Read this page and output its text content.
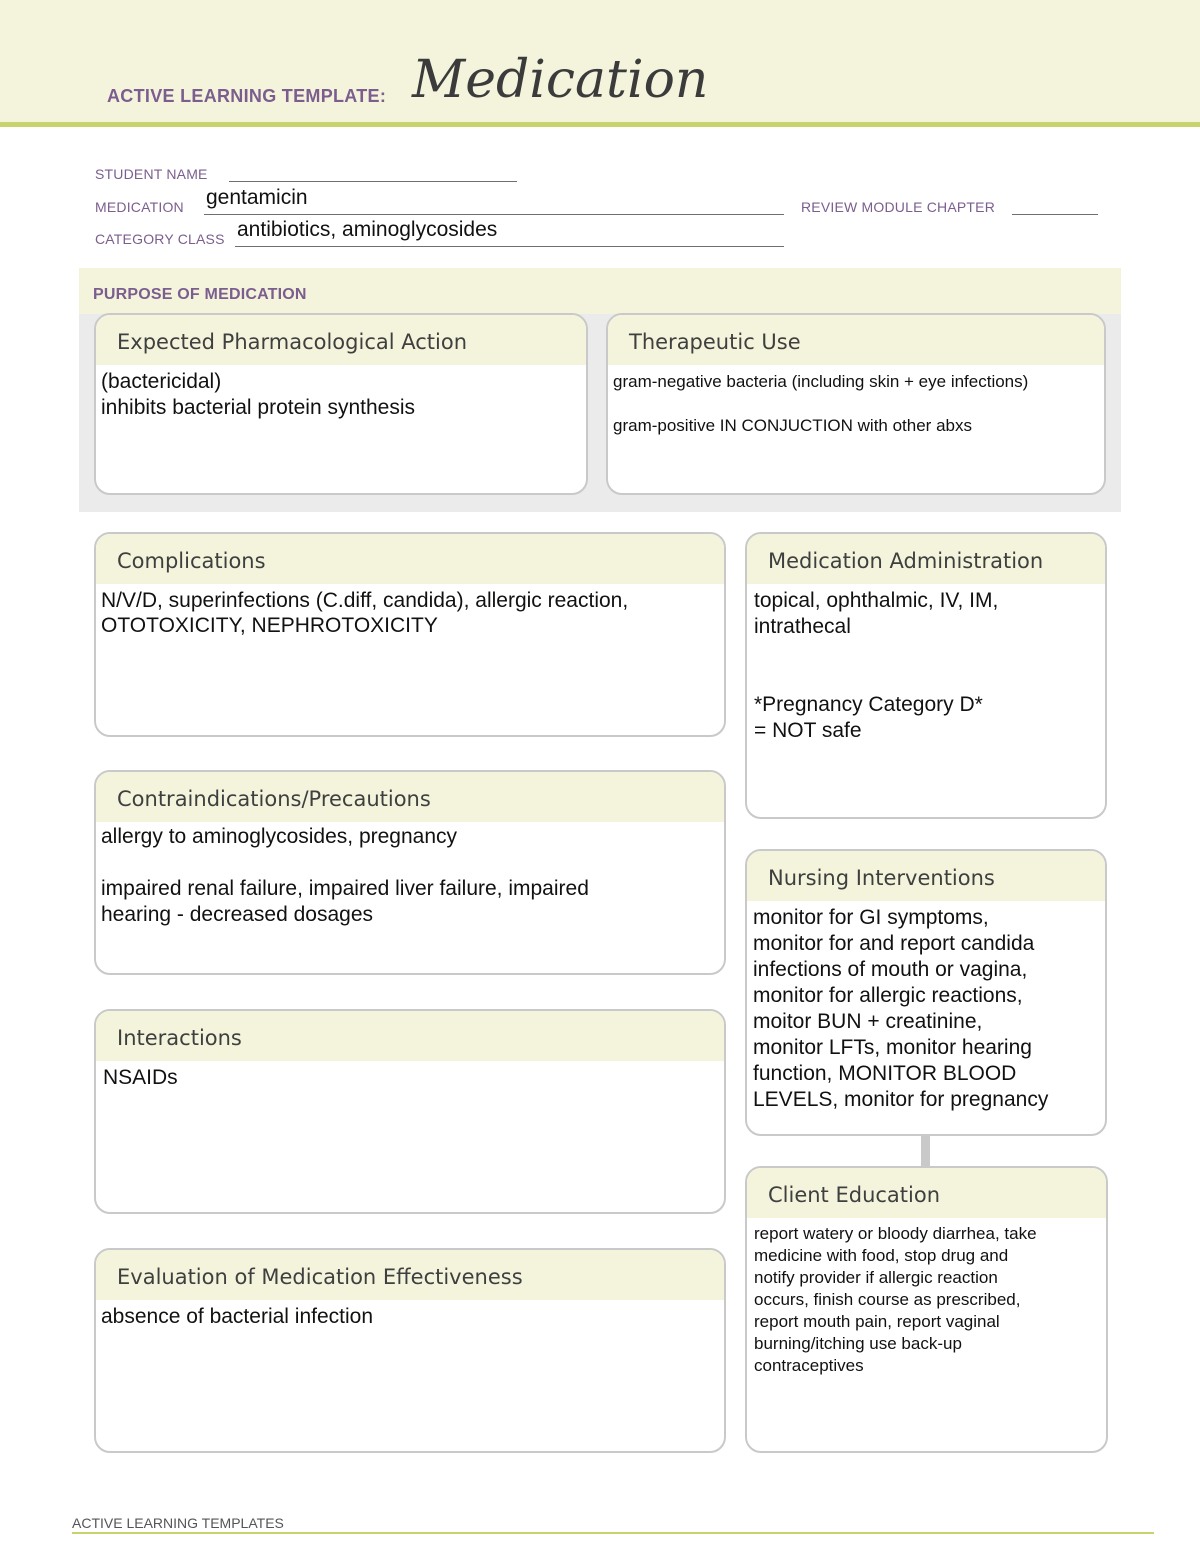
ACTIVE LEARNING TEMPLATE: Medication
STUDENT NAME
MEDICATION gentamicin	REVIEW MODULE CHAPTER
CATEGORY CLASS antibiotics, aminoglycosides
PURPOSE OF MEDICATION
Expected Pharmacological Action

(bactericidal)

inhibits bacterial protein synthesis

Therapeutic Use

gram-negative bacteria (including skin + eye infections)

gram-positive IN CONJUCTION with other abxs

Complications

N/V/D, superinfections (C.diff, candida), allergic reaction,

OTOTOXICITY, NEPHROTOXICITY

Medication Administration

topical, ophthalmic, IV, IM,

intrathecal

*Pregnancy Category D*

= NOT safe

Contraindications/Precautions

allergy to aminoglycosides, pregnancy

impaired renal failure, impaired liver failure, impaired

hearing - decreased dosages

Nursing Interventions

monitor for GI symptoms,

monitor for and report candida

infections of mouth or vagina,

monitor for allergic reactions,

moitor BUN + creatinine,

monitor LFTs, monitor hearing

function, MONITOR BLOOD

LEVELS, monitor for pregnancy

Interactions

NSAIDs

Client Education

report watery or bloody diarrhea, take

medicine with food, stop drug and

notify provider if allergic reaction

occurs, finish course as prescribed,

report mouth pain, report vaginal

burning/itching use back-up

contraceptives

Evaluation of Medication Effectiveness

absence of bacterial infection

ACTIVE LEARNING TEMPLATES
